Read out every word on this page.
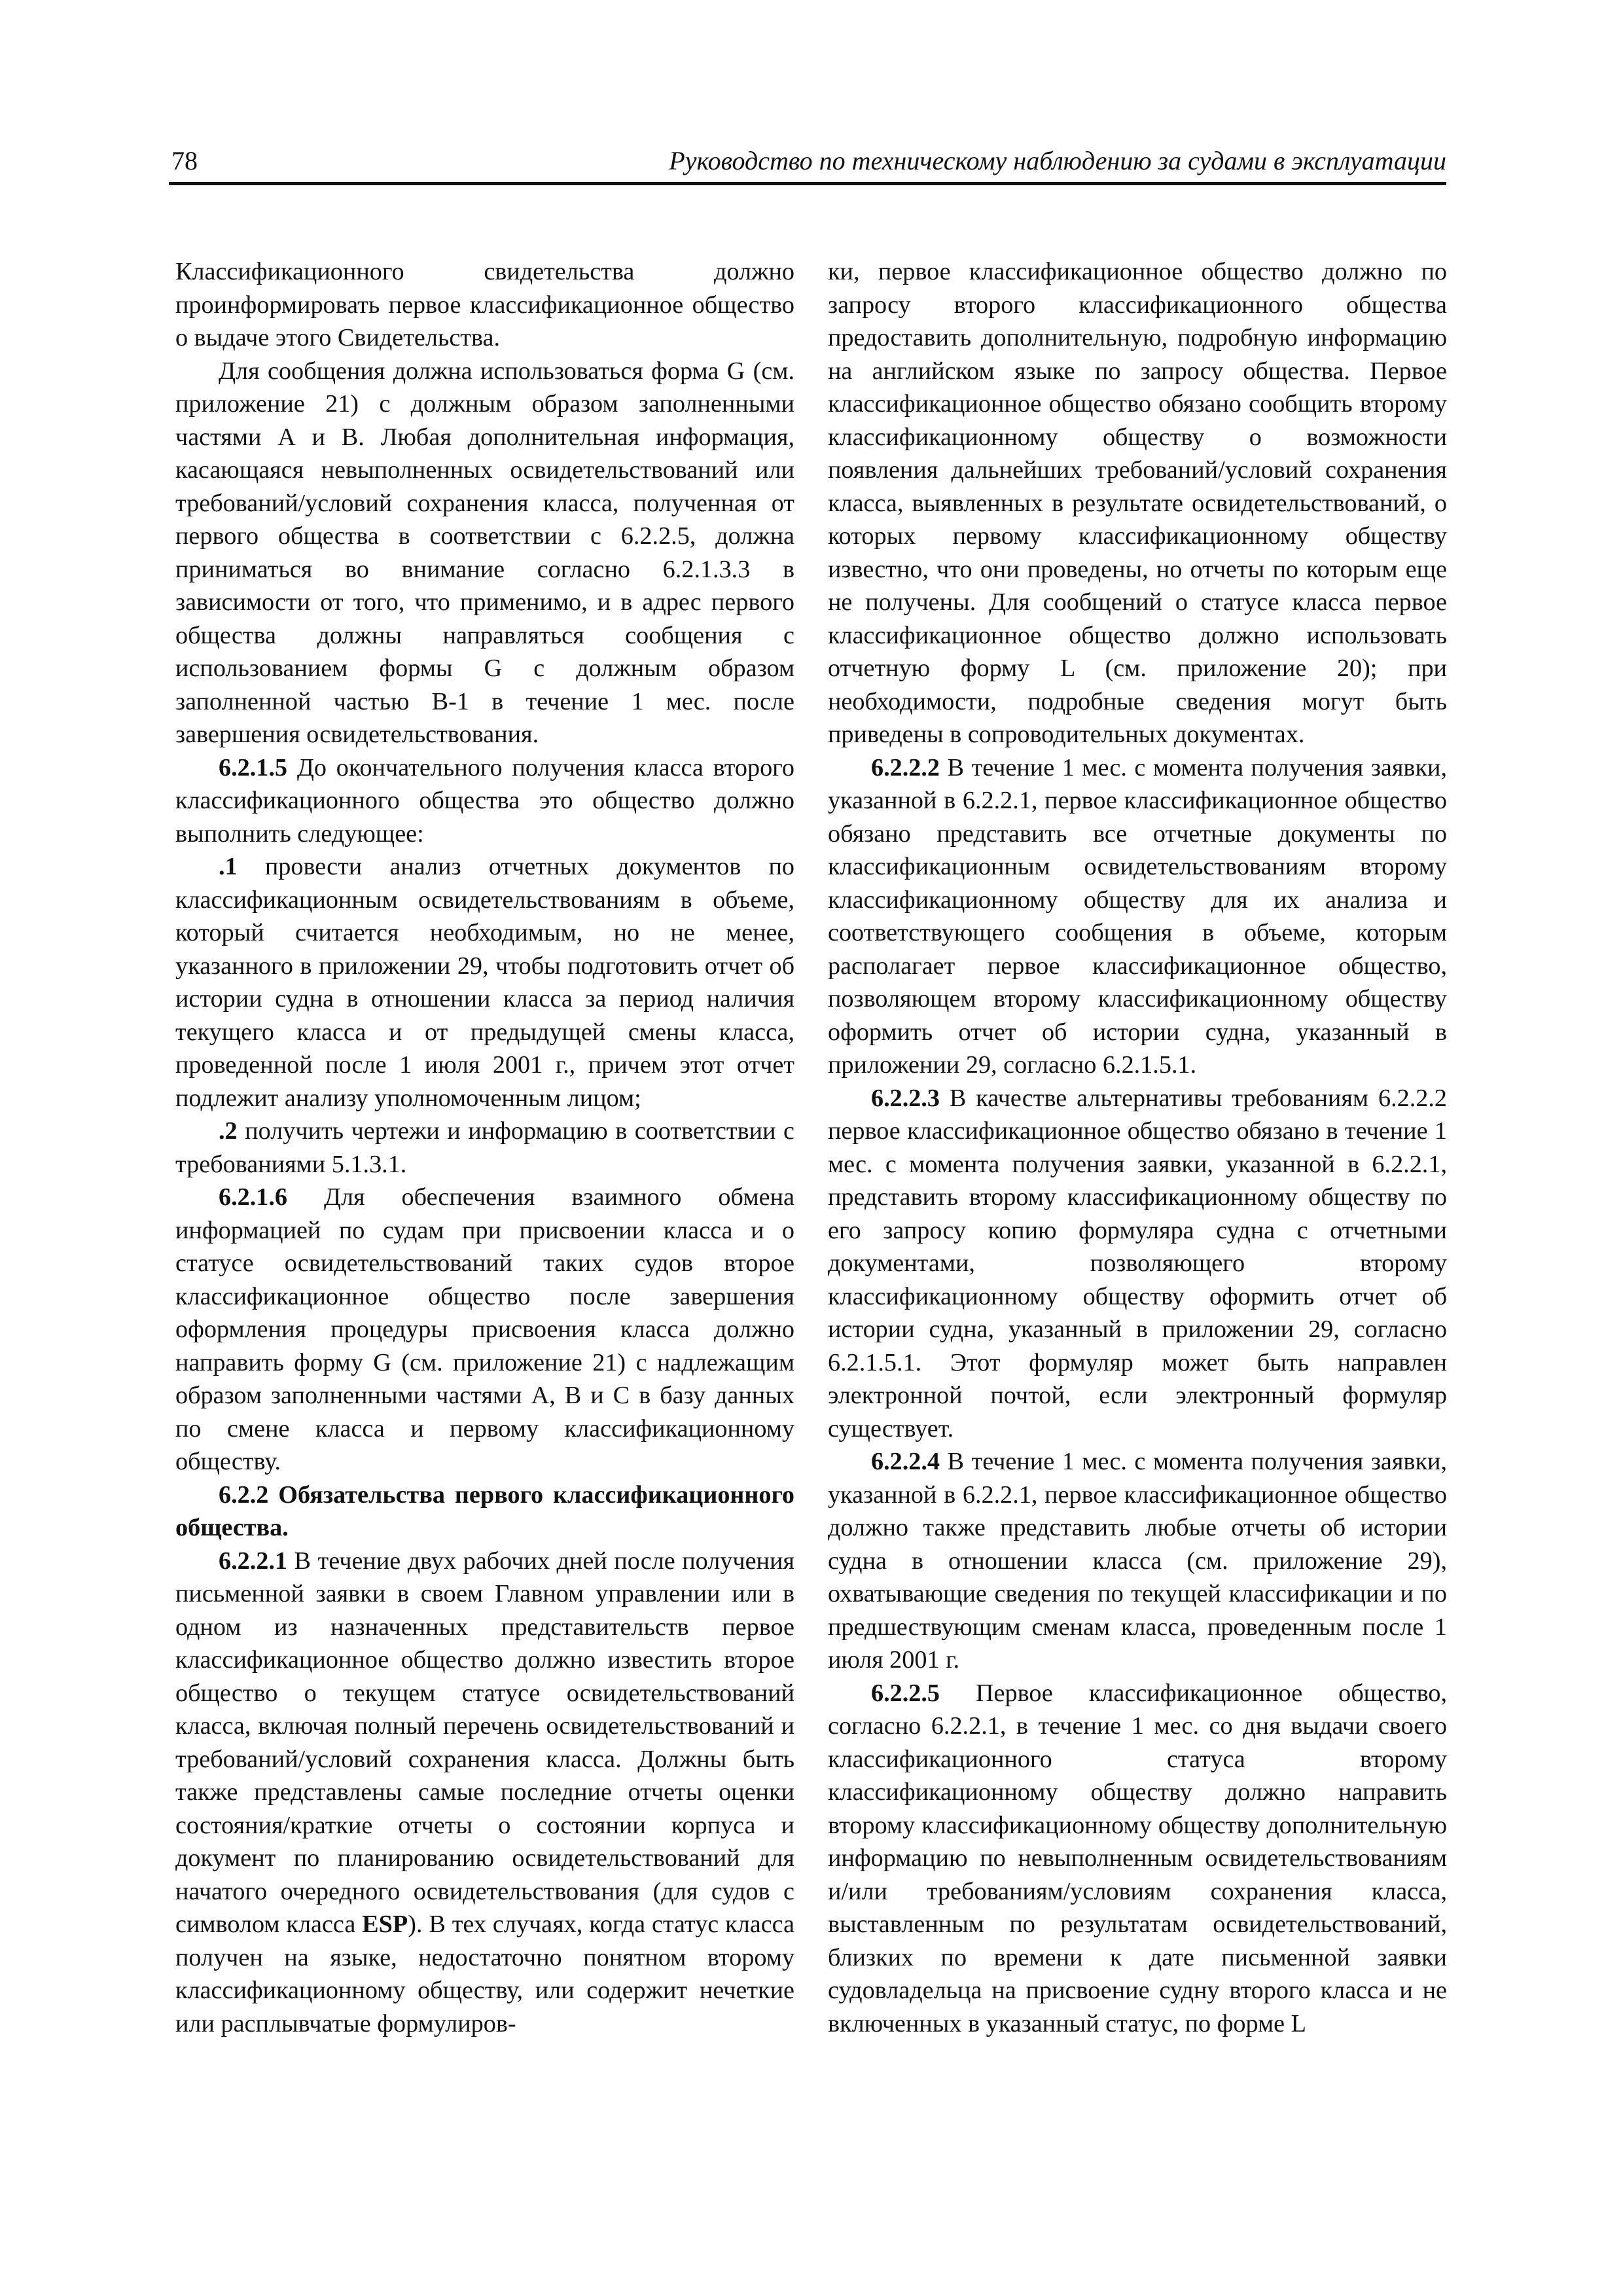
78	Руководство по техническому наблюдению за судами в эксплуатации

Классификационного свидетельства должно проинформировать первое классификационное общество о выдаче этого Свидетельства.

Для сообщения должна использоваться форма G (см. приложение 21) с должным образом заполненными частями А и В. Любая дополнительная информация, касающаяся невыполненных освидетельствований или требований/условий сохранения класса, полученная от первого общества в соответствии с 6.2.2.5, должна приниматься во внимание согласно 6.2.1.3.3 в зависимости от того, что применимо, и в адрес первого общества должны направляться сообщения с использованием формы G с должным образом заполненной частью В-1 в течение 1 мес. после завершения освидетельствования.

6.2.1.5 До окончательного получения класса второго классификационного общества это общество должно выполнить следующее:

.1 провести анализ отчетных документов по классификационным освидетельствованиям в объеме, который считается необходимым, но не менее, указанного в приложении 29, чтобы подготовить отчет об истории судна в отношении класса за период наличия текущего класса и от предыдущей смены класса, проведенной после 1 июля 2001 г., причем этот отчет подлежит анализу уполномоченным лицом;

.2 получить чертежи и информацию в соответствии с требованиями 5.1.3.1.

6.2.1.6 Для обеспечения взаимного обмена информацией по судам при присвоении класса и о статусе освидетельствований таких судов второе классификационное общество после завершения оформления процедуры присвоения класса должно направить форму G (см. приложение 21) с надлежащим образом заполненными частями А, В и С в базу данных по смене класса и первому классификационному обществу.

6.2.2 Обязательства первого классификационного общества.

6.2.2.1 В течение двух рабочих дней после получения письменной заявки в своем Главном управлении или в одном из назначенных представительств первое классификационное общество должно известить второе общество о текущем статусе освидетельствований класса, включая полный перечень освидетельствований и требований/условий сохранения класса. Должны быть также представлены самые последние отчеты оценки состояния/краткие отчеты о состоянии корпуса и документ по планированию освидетельствований для начатого очередного освидетельствования (для судов с символом класса ESP). В тех случаях, когда статус класса получен на языке, недостаточно понятном второму классификационному обществу, или содержит нечеткие или расплывчатые формулиров-

ки, первое классификационное общество должно по запросу второго классификационного общества предоставить дополнительную, подробную информацию на английском языке по запросу общества. Первое классификационное общество обязано сообщить второму классификационному обществу о возможности появления дальнейших требований/условий сохранения класса, выявленных в результате освидетельствований, о которых первому классификационному обществу известно, что они проведены, но отчеты по которым еще не получены. Для сообщений о статусе класса первое классификационное общество должно использовать отчетную форму L (см. приложение 20); при необходимости, подробные сведения могут быть приведены в сопроводительных документах.

6.2.2.2 В течение 1 мес. с момента получения заявки, указанной в 6.2.2.1, первое классификационное общество обязано представить все отчетные документы по классификационным освидетельствованиям второму классификационному обществу для их анализа и соответствующего сообщения в объеме, которым располагает первое классификационное общество, позволяющем второму классификационному обществу оформить отчет об истории судна, указанный в приложении 29, согласно 6.2.1.5.1.

6.2.2.3 В качестве альтернативы требованиям 6.2.2.2 первое классификационное общество обязано в течение 1 мес. с момента получения заявки, указанной в 6.2.2.1, представить второму классификационному обществу по его запросу копию формуляра судна с отчетными документами, позволяющего второму классификационному обществу оформить отчет об истории судна, указанный в приложении 29, согласно 6.2.1.5.1. Этот формуляр может быть направлен электронной почтой, если электронный формуляр существует.

6.2.2.4 В течение 1 мес. с момента получения заявки, указанной в 6.2.2.1, первое классификационное общество должно также представить любые отчеты об истории судна в отношении класса (см. приложение 29), охватывающие сведения по текущей классификации и по предшествующим сменам класса, проведенным после 1 июля 2001 г.

6.2.2.5 Первое классификационное общество, согласно 6.2.2.1, в течение 1 мес. со дня выдачи своего классификационного статуса второму классификационному обществу должно направить второму классификационному обществу дополнительную информацию по невыполненным освидетельствованиям и/или требованиям/условиям сохранения класса, выставленным по результатам освидетельствований, близких по времени к дате письменной заявки судовладельца на присвоение судну второго класса и не включенных в указанный статус, по форме L
